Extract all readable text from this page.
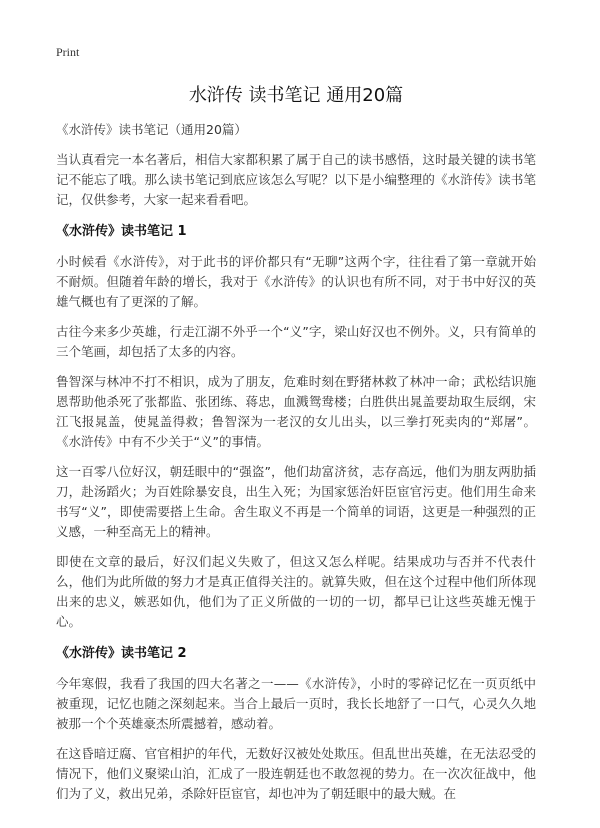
Print

水浒传 读书笔记 通用20篇

《水浒传》读书笔记（通用20篇）

当认真看完一本名著后，相信大家都积累了属于自己的读书感悟，这时最关键的读书笔记不能忘了哦。那么读书笔记到底应该怎么写呢？以下是小编整理的《水浒传》读书笔记，仅供参考，大家一起来看看吧。

《水浒传》读书笔记 1

小时候看《水浒传》，对于此书的评价都只有“无聊”这两个字，往往看了第一章就开始不耐烦。但随着年龄的增长，我对于《水浒传》的认识也有所不同，对于书中好汉的英雄气概也有了更深的了解。

古往今来多少英雄，行走江湖不外乎一个“义”字，梁山好汉也不例外。义，只有简单的三个笔画，却包括了太多的内容。

鲁智深与林冲不打不相识，成为了朋友，危难时刻在野猪林救了林冲一命；武松结识施恩帮助他杀死了张都监、张团练、蒋忠，血溅鸳鸯楼；白胜供出晁盖要劫取生辰纲，宋江飞报晁盖，使晁盖得救；鲁智深为一老汉的女儿出头，以三拳打死卖肉的“郑屠”。《水浒传》中有不少关于“义”的事情。

这一百零八位好汉，朝廷眼中的“强盗”，他们劫富济贫，志存高远，他们为朋友两肋插刀，赴汤蹈火；为百姓除暴安良，出生入死；为国家惩治奸臣宦官污吏。他们用生命来书写“义”，即使需要搭上生命。舍生取义不再是一个简单的词语，这更是一种强烈的正义感，一种至高无上的精神。

即使在文章的最后，好汉们起义失败了，但这又怎么样呢。结果成功与否并不代表什么，他们为此所做的努力才是真正值得关注的。就算失败，但在这个过程中他们所体现出来的忠义，嫉恶如仇，他们为了正义所做的一切的一切，都早已让这些英雄无愧于心。

《水浒传》读书笔记 2

今年寒假，我看了我国的四大名著之一——《水浒传》，小时的零碎记忆在一页页纸中被重现，记忆也随之深刻起来。当合上最后一页时，我长长地舒了一口气，心灵久久地被那一个个英雄豪杰所震撼着，感动着。

在这昏暗迂腐、官官相护的年代，无数好汉被处处欺压。但乱世出英雄，在无法忍受的情况下，他们义聚梁山泊，汇成了一股连朝廷也不敢忽视的势力。在一次次征战中，他们为了义，救出兄弟，杀除奸臣宦官，却也冲为了朝廷眼中的最大贼。在
